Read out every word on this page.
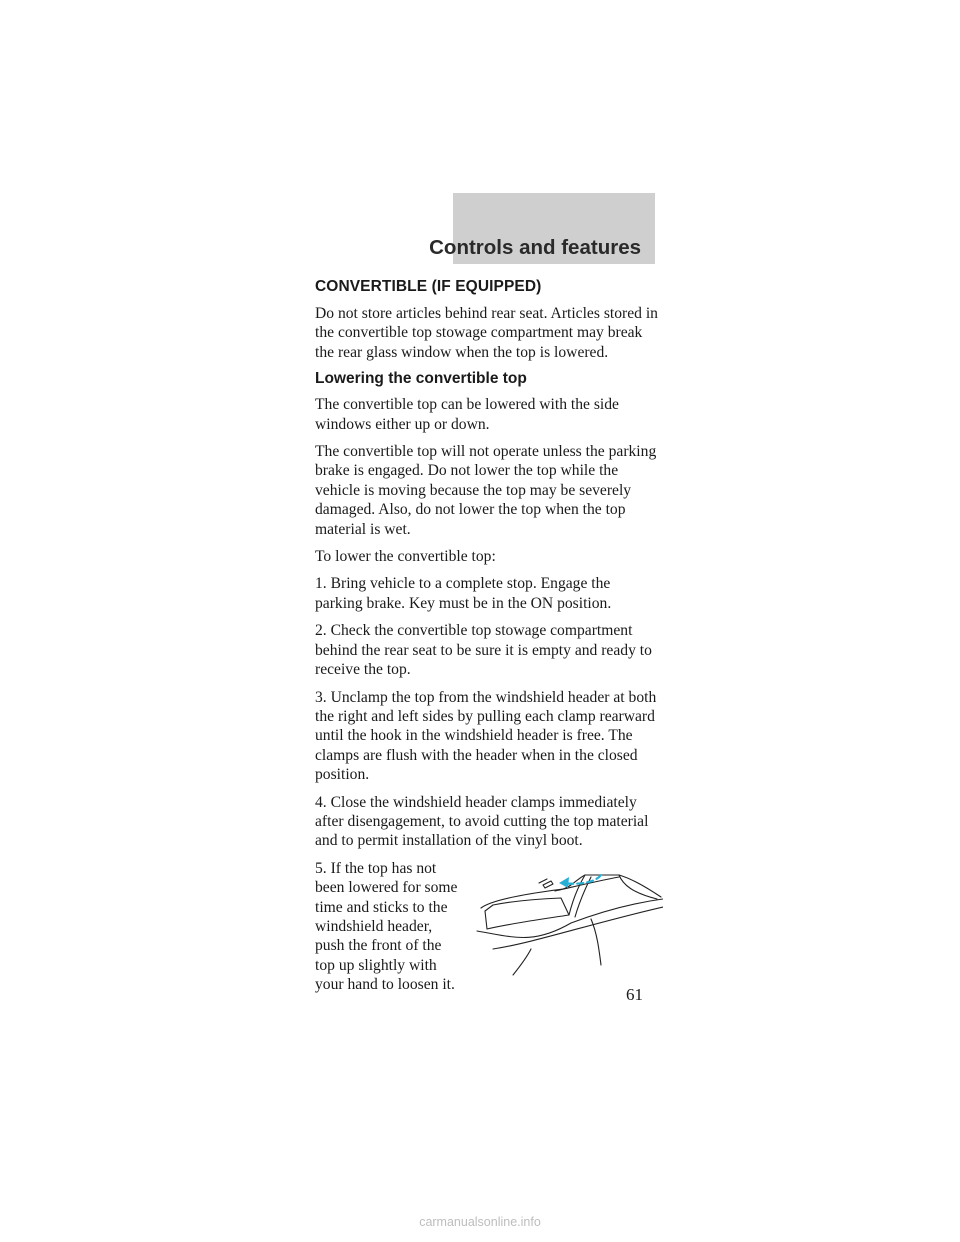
Controls and features
CONVERTIBLE (IF EQUIPPED)

Do not store articles behind rear seat. Articles stored in the convertible top stowage compartment may break the rear glass window when the top is lowered.

Lowering the convertible top

The convertible top can be lowered with the side windows either up or down.

The convertible top will not operate unless the parking brake is engaged. Do not lower the top while the vehicle is moving because the top may be severely damaged. Also, do not lower the top when the top material is wet.

To lower the convertible top:

1. Bring vehicle to a complete stop. Engage the parking brake. Key must be in the ON position.

2. Check the convertible top stowage compartment behind the rear seat to be sure it is empty and ready to receive the top.

3. Unclamp the top from the windshield header at both the right and left sides by pulling each clamp rearward until the hook in the windshield header is free. The clamps are flush with the header when in the closed position.

4. Close the windshield header clamps immediately after disengagement, to avoid cutting the top material and to permit installation of the vinyl boot.

5. If the top has not been lowered for some time and sticks to the windshield header, push the front of the top up slightly with your hand to loosen it.

61
carmanualsonline.info
